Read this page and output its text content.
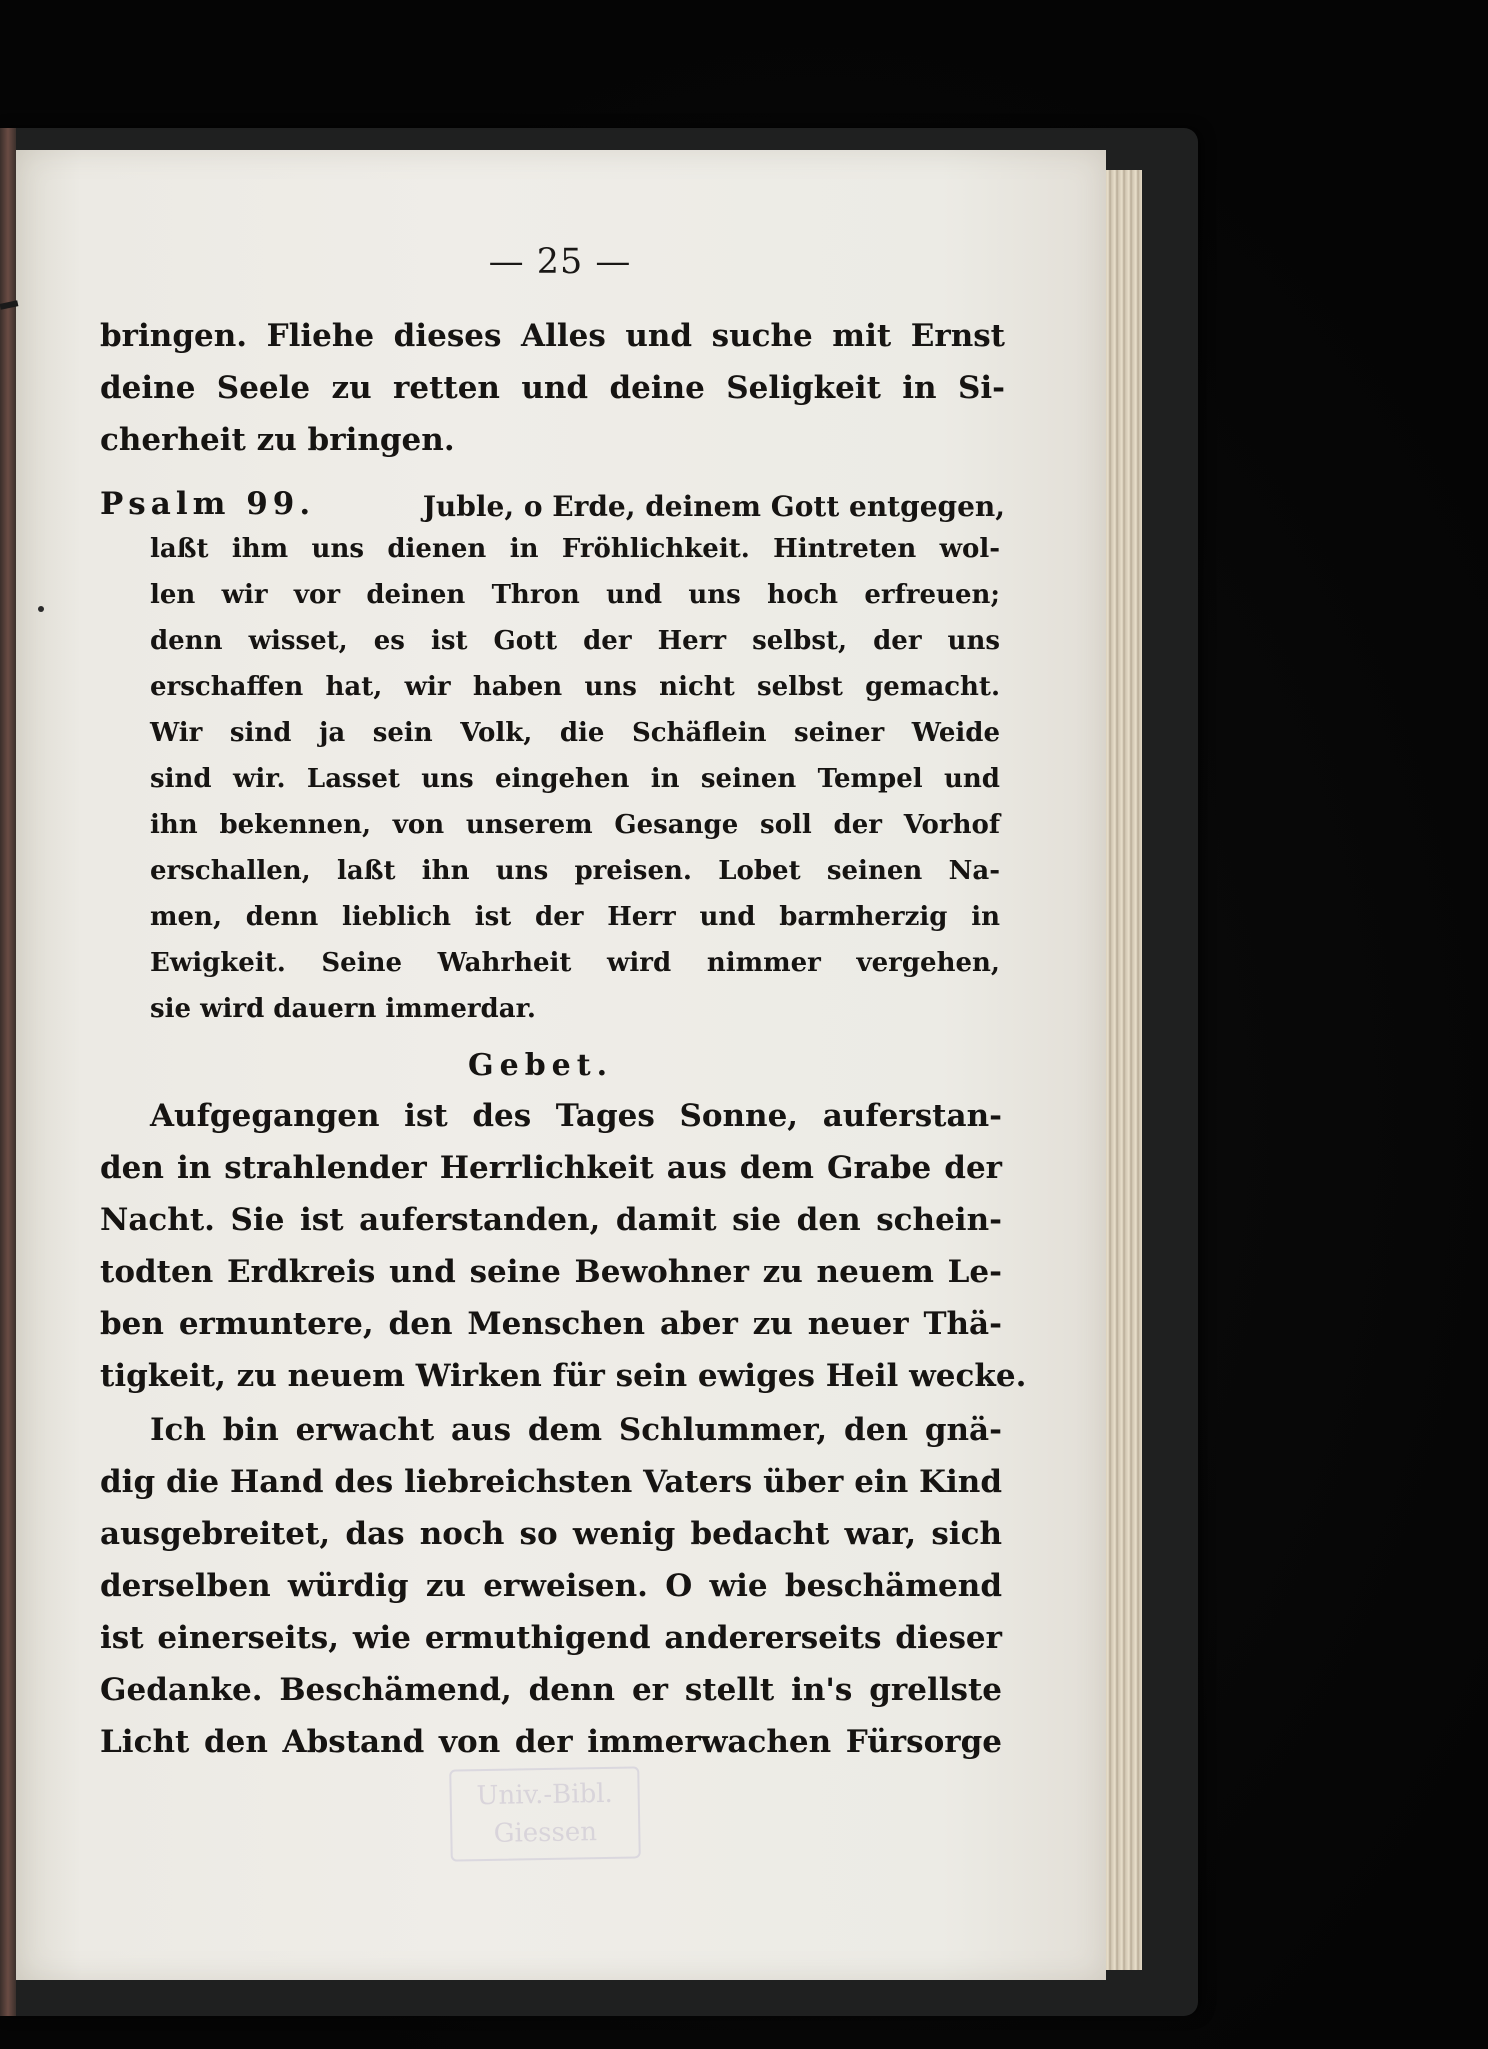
Univ.-Bibl. Giessen
— 25 —
bringen. Fliehe dieses Alles und suche mit Ernst
deine Seele zu retten und deine Seligkeit in Si-
cherheit zu bringen.
Psalm 99.	Juble, o Erde, deinem Gott entgegen,
laßt ihm uns dienen in Fröhlichkeit. Hintreten wol-
len wir vor deinen Thron und uns hoch erfreuen;
denn wisset, es ist Gott der Herr selbst, der uns
erschaffen hat, wir haben uns nicht selbst gemacht.
Wir sind ja sein Volk, die Schäflein seiner Weide
sind wir. Lasset uns eingehen in seinen Tempel und
ihn bekennen, von unserem Gesange soll der Vorhof
erschallen, laßt ihn uns preisen. Lobet seinen Na-
men, denn lieblich ist der Herr und barmherzig in
Ewigkeit. Seine Wahrheit wird nimmer vergehen,
sie wird dauern immerdar.
Gebet.
Aufgegangen ist des Tages Sonne, auferstan-
den in strahlender Herrlichkeit aus dem Grabe der
Nacht. Sie ist auferstanden, damit sie den schein-
todten Erdkreis und seine Bewohner zu neuem Le-
ben ermuntere, den Menschen aber zu neuer Thä-
tigkeit, zu neuem Wirken für sein ewiges Heil wecke.
Ich bin erwacht aus dem Schlummer, den gnä-
dig die Hand des liebreichsten Vaters über ein Kind
ausgebreitet, das noch so wenig bedacht war, sich
derselben würdig zu erweisen. O wie beschämend
ist einerseits, wie ermuthigend andererseits dieser
Gedanke. Beschämend, denn er stellt in's grellste
Licht den Abstand von der immerwachen Fürsorge
